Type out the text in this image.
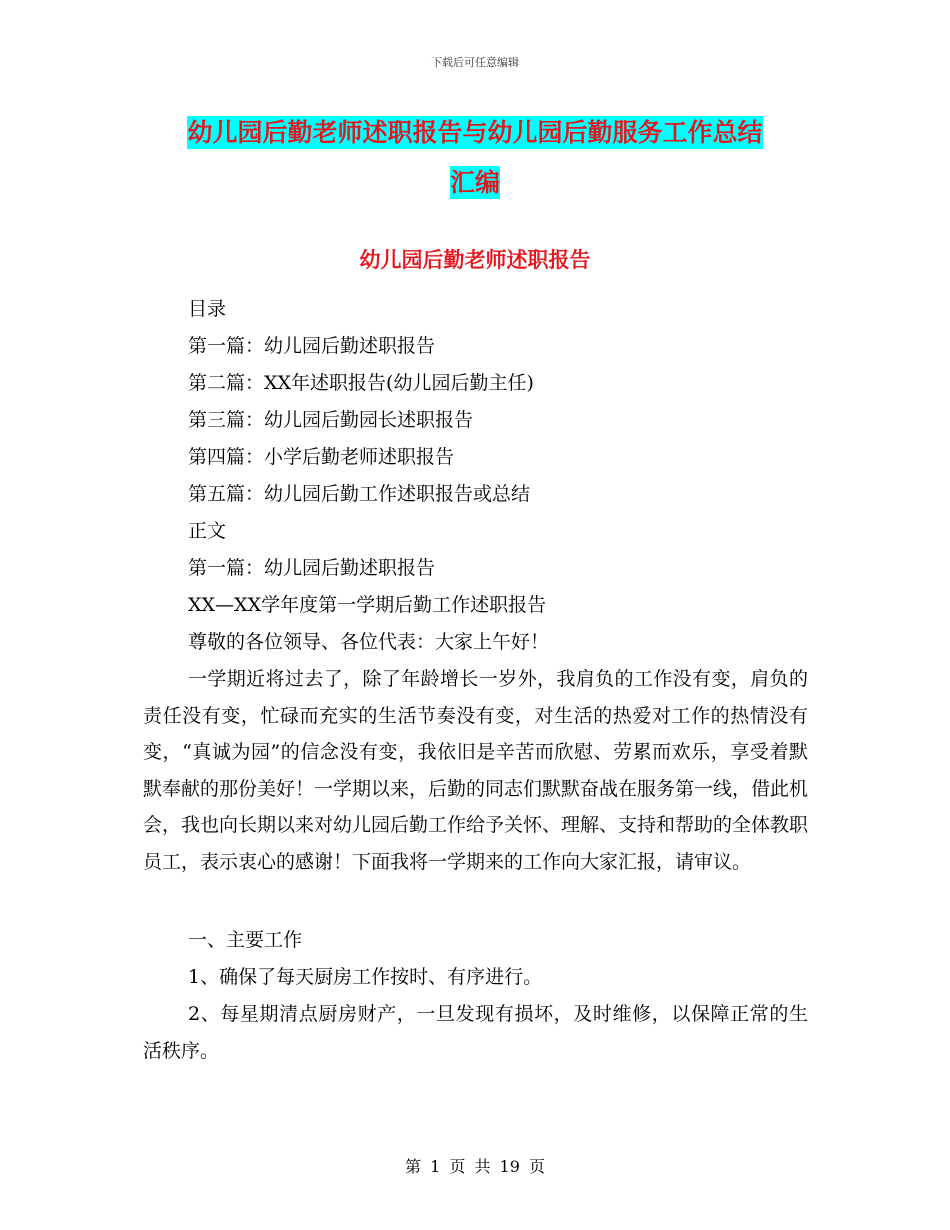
下载后可任意编辑
幼儿园后勤老师述职报告与幼儿园后勤服务工作总结
汇编
幼儿园后勤老师述职报告
目录
第一篇：幼儿园后勤述职报告
第二篇：XX年述职报告(幼儿园后勤主任)
第三篇：幼儿园后勤园长述职报告
第四篇：小学后勤老师述职报告
第五篇：幼儿园后勤工作述职报告或总结
正文
第一篇：幼儿园后勤述职报告
XX—XX学年度第一学期后勤工作述职报告
尊敬的各位领导、各位代表：大家上午好！
一学期近将过去了，除了年龄增长一岁外，我肩负的工作没有变，肩负的责任没有变，忙碌而充实的生活节奏没有变，对生活的热爱对工作的热情没有变，“真诚为园”的信念没有变，我依旧是辛苦而欣慰、劳累而欢乐，享受着默默奉献的那份美好！一学期以来，后勤的同志们默默奋战在服务第一线，借此机会，我也向长期以来对幼儿园后勤工作给予关怀、理解、支持和帮助的全体教职员工，表示衷心的感谢！下面我将一学期来的工作向大家汇报，请审议。
一、主要工作
1、确保了每天厨房工作按时、有序进行。
2、每星期清点厨房财产，一旦发现有损坏，及时维修，以保障正常的生活秩序。
第 1 页 共 19 页
